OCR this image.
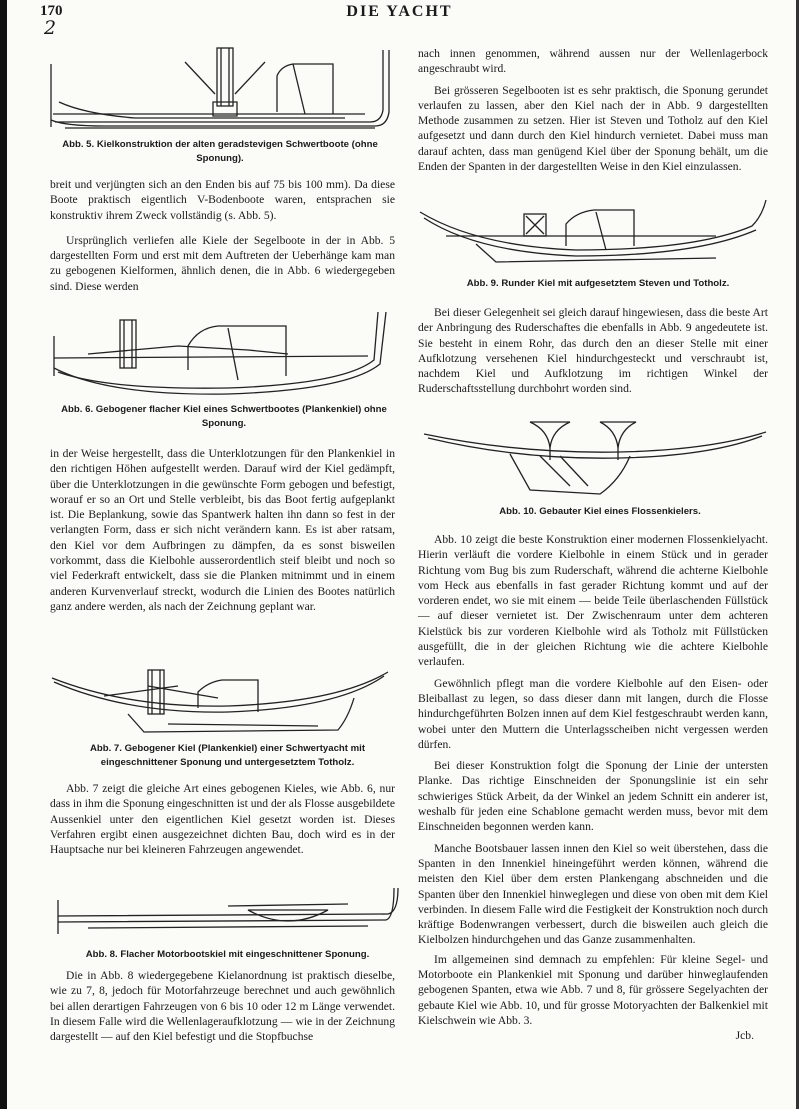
170
2
DIE YACHT
Abb. 5. Kielkonstruktion der alten geradstevigen Schwertboote (ohne Sponung).

breit und verjüngten sich an den Enden bis auf 75 bis 100 mm). Da diese Boote praktisch eigentlich V-Bodenboote waren, entsprachen sie konstruktiv ihrem Zweck vollständig (s. Abb. 5).

Ursprünglich verliefen alle Kiele der Segelboote in der in Abb. 5 dargestellten Form und erst mit dem Auftreten der Ueberhänge kam man zu gebogenen Kielformen, ähnlich denen, die in Abb. 6 wiedergegeben sind. Diese werden

Abb. 6. Gebogener flacher Kiel eines Schwertbootes (Plankenkiel) ohne Sponung.

in der Weise hergestellt, dass die Unterklotzungen für den Plankenkiel in den richtigen Höhen aufgestellt werden. Darauf wird der Kiel gedämpft, über die Unterklotzungen in die gewünschte Form gebogen und befestigt, worauf er so an Ort und Stelle verbleibt, bis das Boot fertig aufgeplankt ist. Die Beplankung, sowie das Spantwerk halten ihn dann so fest in der verlangten Form, dass er sich nicht verändern kann. Es ist aber ratsam, den Kiel vor dem Aufbringen zu dämpfen, da es sonst bisweilen vorkommt, dass die Kielbohle ausserordentlich steif bleibt und noch so viel Federkraft entwickelt, dass sie die Planken mitnimmt und in einem anderen Kurvenverlauf streckt, wodurch die Linien des Bootes natürlich ganz andere werden, als nach der Zeichnung geplant war.

Abb. 7. Gebogener Kiel (Plankenkiel) einer Schwertyacht mit eingeschnittener Sponung und untergesetztem Totholz.

Abb. 7 zeigt die gleiche Art eines gebogenen Kieles, wie Abb. 6, nur dass in ihm die Sponung eingeschnitten ist und der als Flosse ausgebildete Aussenkiel unter den eigentlichen Kiel gesetzt worden ist. Dieses Verfahren ergibt einen ausgezeichnet dichten Bau, doch wird es in der Hauptsache nur bei kleineren Fahrzeugen angewendet.

Abb. 8. Flacher Motorbootskiel mit eingeschnittener Sponung.

Die in Abb. 8 wiedergegebene Kielanordnung ist praktisch dieselbe, wie zu 7, 8, jedoch für Motorfahrzeuge berechnet und auch gewöhnlich bei allen derartigen Fahrzeugen von 6 bis 10 oder 12 m Länge verwendet. In diesem Falle wird die Wellenlageraufklotzung — wie in der Zeichnung dargestellt — auf den Kiel befestigt und die Stopfbuchse

nach innen genommen, während aussen nur der Wellenlagerbock angeschraubt wird.

Bei grösseren Segelbooten ist es sehr praktisch, die Sponung gerundet verlaufen zu lassen, aber den Kiel nach der in Abb. 9 dargestellten Methode zusammen zu setzen. Hier ist Steven und Totholz auf den Kiel aufgesetzt und dann durch den Kiel hindurch vernietet. Dabei muss man darauf achten, dass man genügend Kiel über der Sponung behält, um die Enden der Spanten in der dargestellten Weise in den Kiel einzulassen.

Abb. 9. Runder Kiel mit aufgesetztem Steven und Totholz.

Bei dieser Gelegenheit sei gleich darauf hingewiesen, dass die beste Art der Anbringung des Ruderschaftes die ebenfalls in Abb. 9 angedeutete ist. Sie besteht in einem Rohr, das durch den an dieser Stelle mit einer Aufklotzung versehenen Kiel hindurchgesteckt und verschraubt ist, nachdem Kiel und Aufklotzung im richtigen Winkel der Ruderschaftsstellung durchbohrt worden sind.

Abb. 10. Gebauter Kiel eines Flossenkielers.

Abb. 10 zeigt die beste Konstruktion einer modernen Flossenkielyacht. Hierin verläuft die vordere Kielbohle in einem Stück und in gerader Richtung vom Bug bis zum Ruderschaft, während die achterne Kielbohle vom Heck aus ebenfalls in fast gerader Richtung kommt und auf der vorderen endet, wo sie mit einem — beide Teile überlaschenden Füllstück — auf dieser vernietet ist. Der Zwischenraum unter dem achteren Kielstück bis zur vorderen Kielbohle wird als Totholz mit Füllstücken ausgefüllt, die in der gleichen Richtung wie die achtere Kielbohle verlaufen.

Gewöhnlich pflegt man die vordere Kielbohle auf den Eisen- oder Bleiballast zu legen, so dass dieser dann mit langen, durch die Flosse hindurchgeführten Bolzen innen auf dem Kiel festgeschraubt werden kann, wobei unter den Muttern die Unterlagsscheiben nicht vergessen werden dürfen.

Bei dieser Konstruktion folgt die Sponung der Linie der untersten Planke. Das richtige Einschneiden der Sponungslinie ist ein sehr schwieriges Stück Arbeit, da der Winkel an jedem Schnitt ein anderer ist, weshalb für jeden eine Schablone gemacht werden muss, bevor mit dem Einschneiden begonnen werden kann.

Manche Bootsbauer lassen innen den Kiel so weit überstehen, dass die Spanten in den Innenkiel hineingeführt werden können, während die meisten den Kiel über dem ersten Plankengang abschneiden und die Spanten über den Innenkiel hinweglegen und diese von oben mit dem Kiel verbinden. In diesem Falle wird die Festigkeit der Konstruktion noch durch kräftige Bodenwrangen verbessert, durch die bisweilen auch gleich die Kielbolzen hindurchgehen und das Ganze zusammenhalten.

Im allgemeinen sind demnach zu empfehlen: Für kleine Segel- und Motorboote ein Plankenkiel mit Sponung und darüber hinweglaufenden gebogenen Spanten, etwa wie Abb. 7 und 8, für grössere Segelyachten der gebaute Kiel wie Abb. 10, und für grosse Motoryachten der Balkenkiel mit Kielschwein wie Abb. 3.

Jcb.
